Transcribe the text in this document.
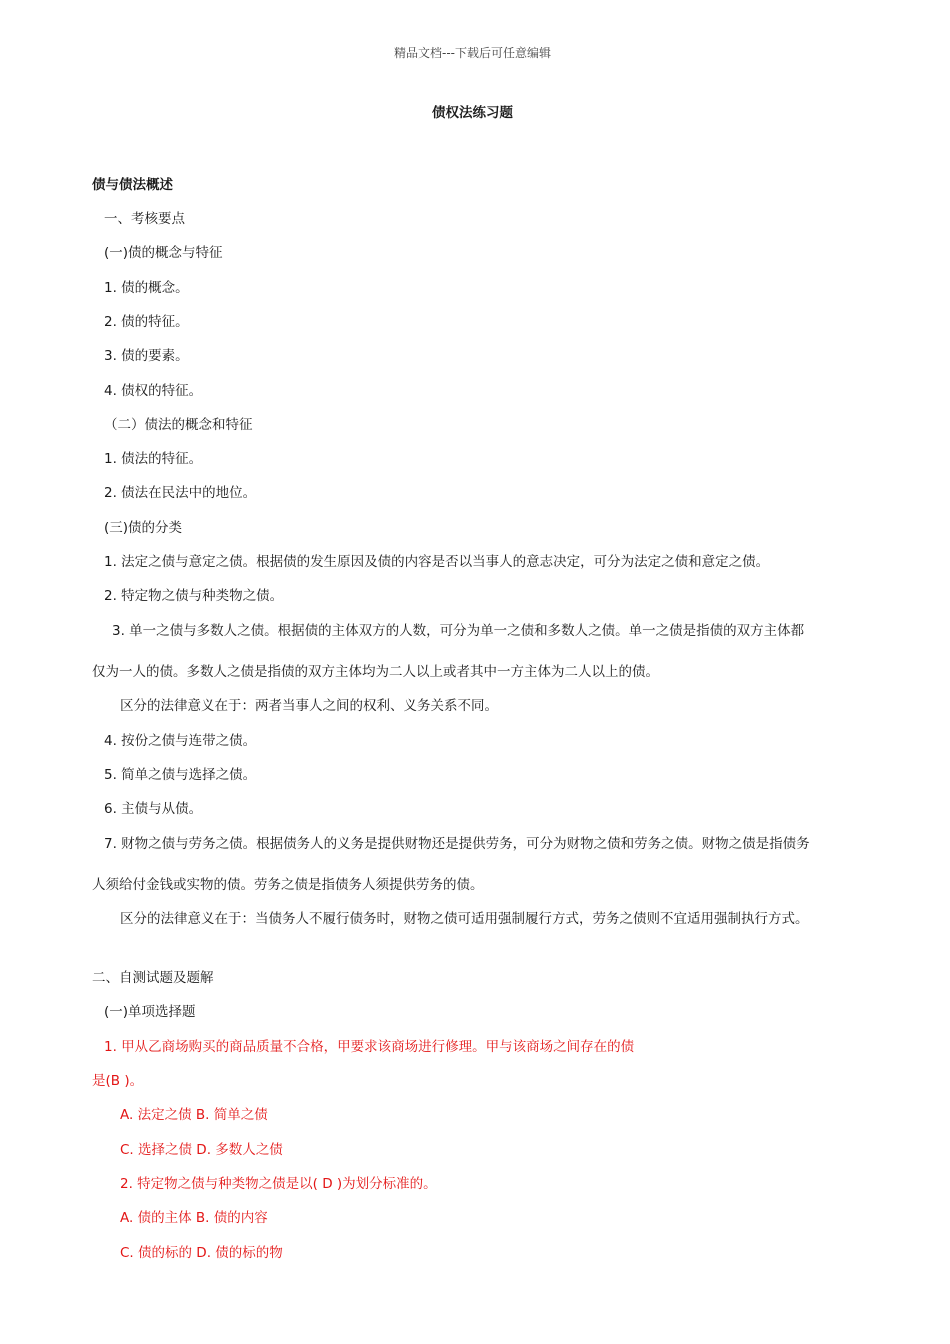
精品文档---下载后可任意编辑
债权法练习题
债与债法概述
一、考核要点
(一)债的概念与特征
1. 债的概念。
2. 债的特征。
3. 债的要素。
4. 债权的特征。
（二）债法的概念和特征
1. 债法的特征。
2. 债法在民法中的地位。
(三)债的分类
1. 法定之债与意定之债。根据债的发生原因及债的内容是否以当事人的意志决定，可分为法定之债和意定之债。
2. 特定物之债与种类物之债。
3. 单一之债与多数人之债。根据债的主体双方的人数，可分为单一之债和多数人之债。单一之债是指债的双方主体都
仅为一人的债。多数人之债是指债的双方主体均为二人以上或者其中一方主体为二人以上的债。
区分的法律意义在于：两者当事人之间的权利、义务关系不同。
4. 按份之债与连带之债。
5. 简单之债与选择之债。
6. 主债与从债。
7. 财物之债与劳务之债。根据债务人的义务是提供财物还是提供劳务，可分为财物之债和劳务之债。财物之债是指债务
人须给付金钱或实物的债。劳务之债是指债务人须提供劳务的债。
区分的法律意义在于：当债务人不履行债务时，财物之债可适用强制履行方式，劳务之债则不宜适用强制执行方式。
二、自测试题及题解
(一)单项选择题
1. 甲从乙商场购买的商品质量不合格，甲要求该商场进行修理。甲与该商场之间存在的债
是(B )。
A. 法定之债 B. 简单之债
C. 选择之债 D. 多数人之债
2. 特定物之债与种类物之债是以( D )为划分标准的。
A. 债的主体 B. 债的内容
C. 债的标的 D. 债的标的物
